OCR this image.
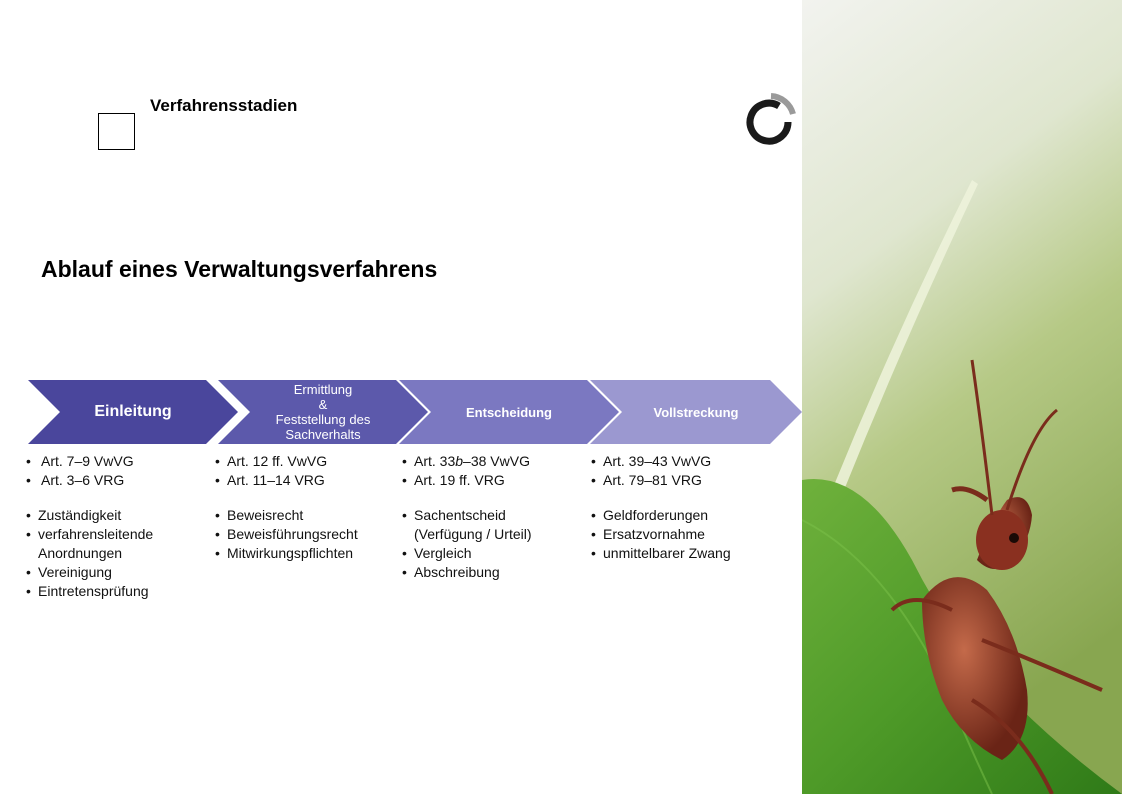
Verfahrensstadien
Ablauf eines Verwaltungsverfahrens
Einleitung
Ermittlung
&
Feststellung des
Sachverhalts
Entscheidung	Vollstreckung
• Art. 7–9 VwVG
• Art. 3–6 VRG
• Zuständigkeit
• verfahrensleitende Anordnungen
• Vereinigung
• Eintretensprüfung
• Art. 12 ff. VwVG
• Art. 11–14 VRG
• Beweisrecht
• Beweisführungsrecht
• Mitwirkungspflichten
• Art. 33b–38 VwVG
• Art. 19 ff. VRG
• Sachentscheid (Verfügung / Urteil)
• Vergleich
• Abschreibung
• Art. 39–43 VwVG
• Art. 79–81 VRG
• Geldforderungen
• Ersatzvornahme
• unmittelbarer Zwang
